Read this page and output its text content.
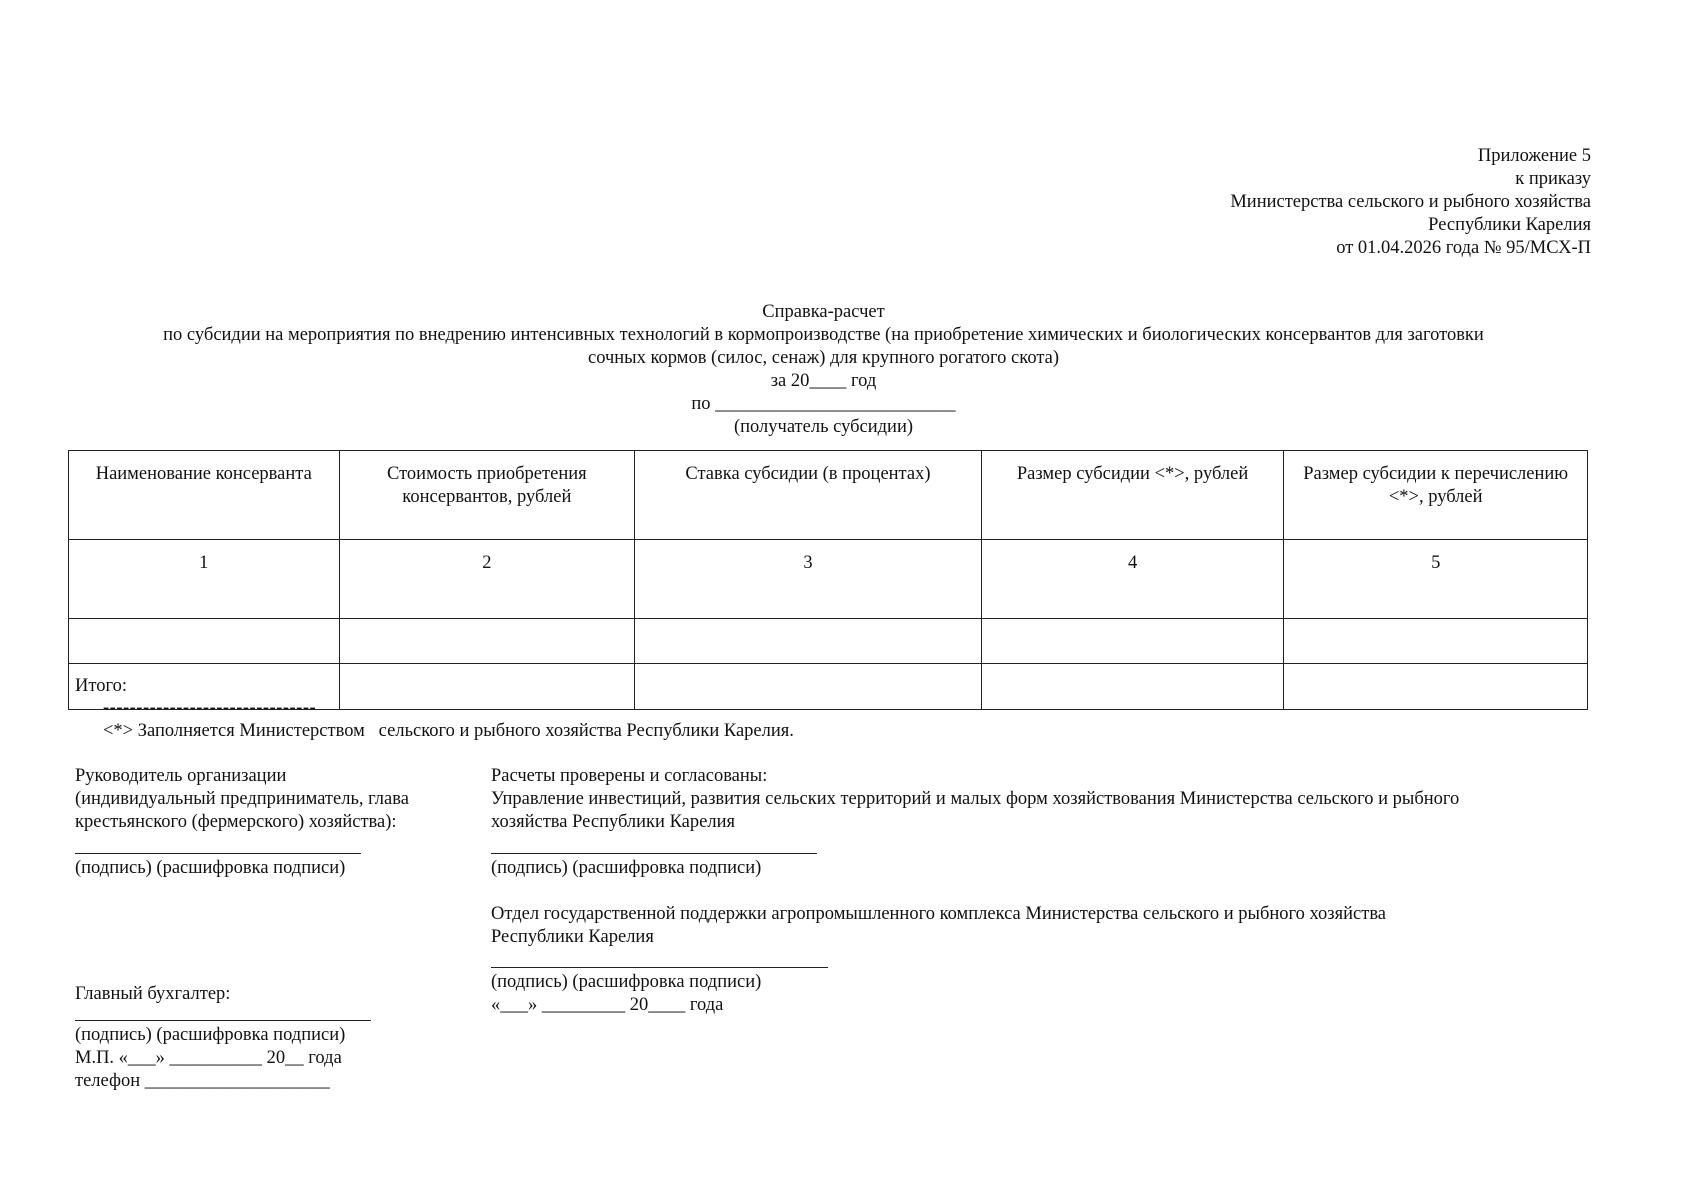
Приложение 5
к приказу
Министерства сельского и рыбного хозяйства
Республики Карелия
от 01.04.2026 года № 95/МСХ-П
Справка-расчет
по субсидии на мероприятия по внедрению интенсивных технологий в кормопроизводстве (на приобретение химических и биологических консервантов для заготовки
сочных кормов (силос, сенаж) для крупного рогатого скота)
за 20____ год
по __________________________
(получатель субсидии)
Наименование консерванта	Стоимость приобретения консервантов, рублей	Ставка субсидии (в процентах)	Размер субсидии <*>, рублей	Размер субсидии к перечислению <*>, рублей
1	2	3	4	5

Итого:				
--------------------------------
<*> Заполняется Министерством   сельского и рыбного хозяйства Республики Карелия.
Руководитель организации
(индивидуальный предприниматель, глава
крестьянского (фермерского) хозяйства):
(подпись) (расшифровка подписи)
Главный бухгалтер:
(подпись) (расшифровка подписи)
М.П. «___» __________ 20__ года
телефон ____________________
Расчеты проверены и согласованы:
Управление инвестиций, развития сельских территорий и малых форм хозяйствования Министерства сельского и рыбного
хозяйства Республики Карелия
(подпись) (расшифровка подписи)
Отдел государственной поддержки агропромышленного комплекса Министерства сельского и рыбного хозяйства
Республики Карелия
(подпись) (расшифровка подписи)
«___» _________ 20____ года
